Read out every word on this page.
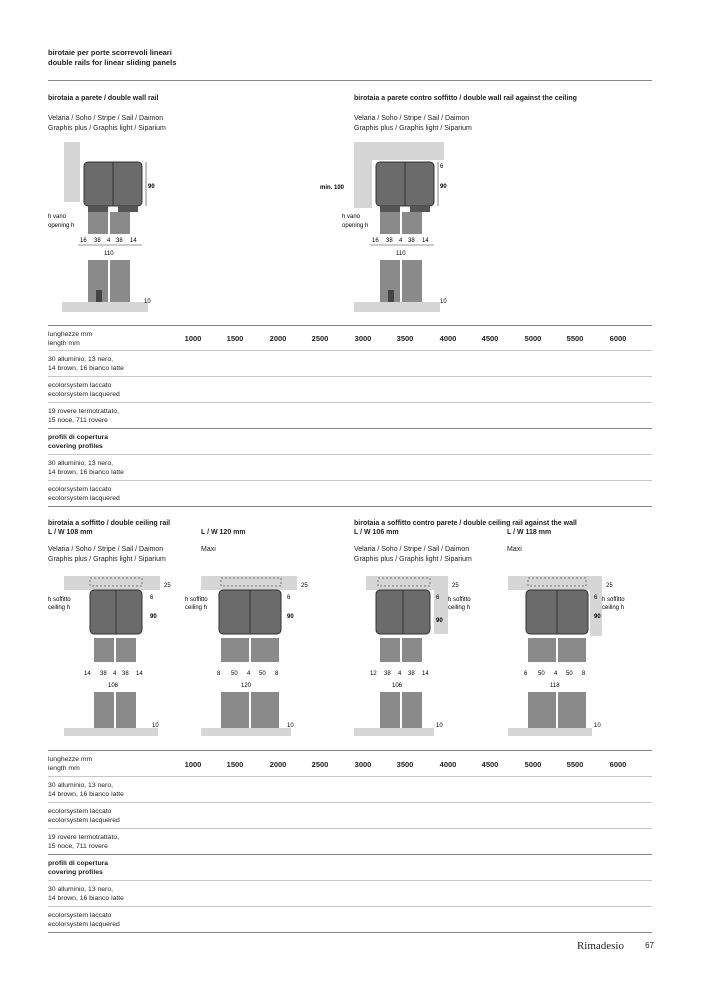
birotaie per porte scorrevoli lineari
double rails for linear sliding panels
birotaia a parete / double wall rail
Velaria / Soho / Stripe / Sail / Daimon
Graphis plus / Graphis light / Siparium
birotaia a parete contro soffitto / double wall rail against the ceiling
Velaria / Soho / Stripe / Sail / Daimon
Graphis plus / Graphis light / Siparium
90
h vano
opening h
16 38 4 38 14
110
10
6
90
min. 100
h vano
opening h
16 38 4 38 14
110
10
lunghezze mm
length mm
1000	1500	2000	2500	3000	3500	4000	4500	5000	5500	6000
30 alluminio, 13 nero,
14 brown, 16 bianco latte
ecolorsystem laccato
ecolorsystem lacquered
19 rovere termotrattato,
15 noce, 711 rovere
profili di copertura
covering profiles
30 alluminio, 13 nero,
14 brown, 16 bianco latte
ecolorsystem laccato
ecolorsystem lacquered
birotaia a soffitto / double ceiling rail
L / W 108 mm	L / W 120 mm
Velaria / Soho / Stripe / Sail / Daimon
Graphis plus / Graphis light / Siparium
Maxi
birotaia a soffitto contro parete / double ceiling rail against the wall
L / W 106 mm	L / W 118 mm
Velaria / Soho / Stripe / Sail / Daimon
Graphis plus / Graphis light / Siparium
Maxi
25
6
90
h soffitto
ceiling h
14 38 4 38 14
108
10
25
6
90
h soffitto
ceiling h
8 50 4 50 8
120
10
25
6
90
h soffitto
ceiling h
12 38 4 38 14
106
10
25
6
90
h soffitto
ceiling h
6 50 4 50 8
118
10
lunghezze mm
length mm	1000	1500	2000	2500	3000	3500	4000	4500	5000	5500	6000
30 alluminio, 13 nero,
14 brown, 16 bianco latte
ecolorsystem laccato
ecolorsystem lacquered
19 rovere termotrattato,
15 noce, 711 rovere
profili di copertura
covering profiles
30 alluminio, 13 nero,
14 brown, 16 bianco latte
ecolorsystem laccato
ecolorsystem lacquered
Rimadesio	67
